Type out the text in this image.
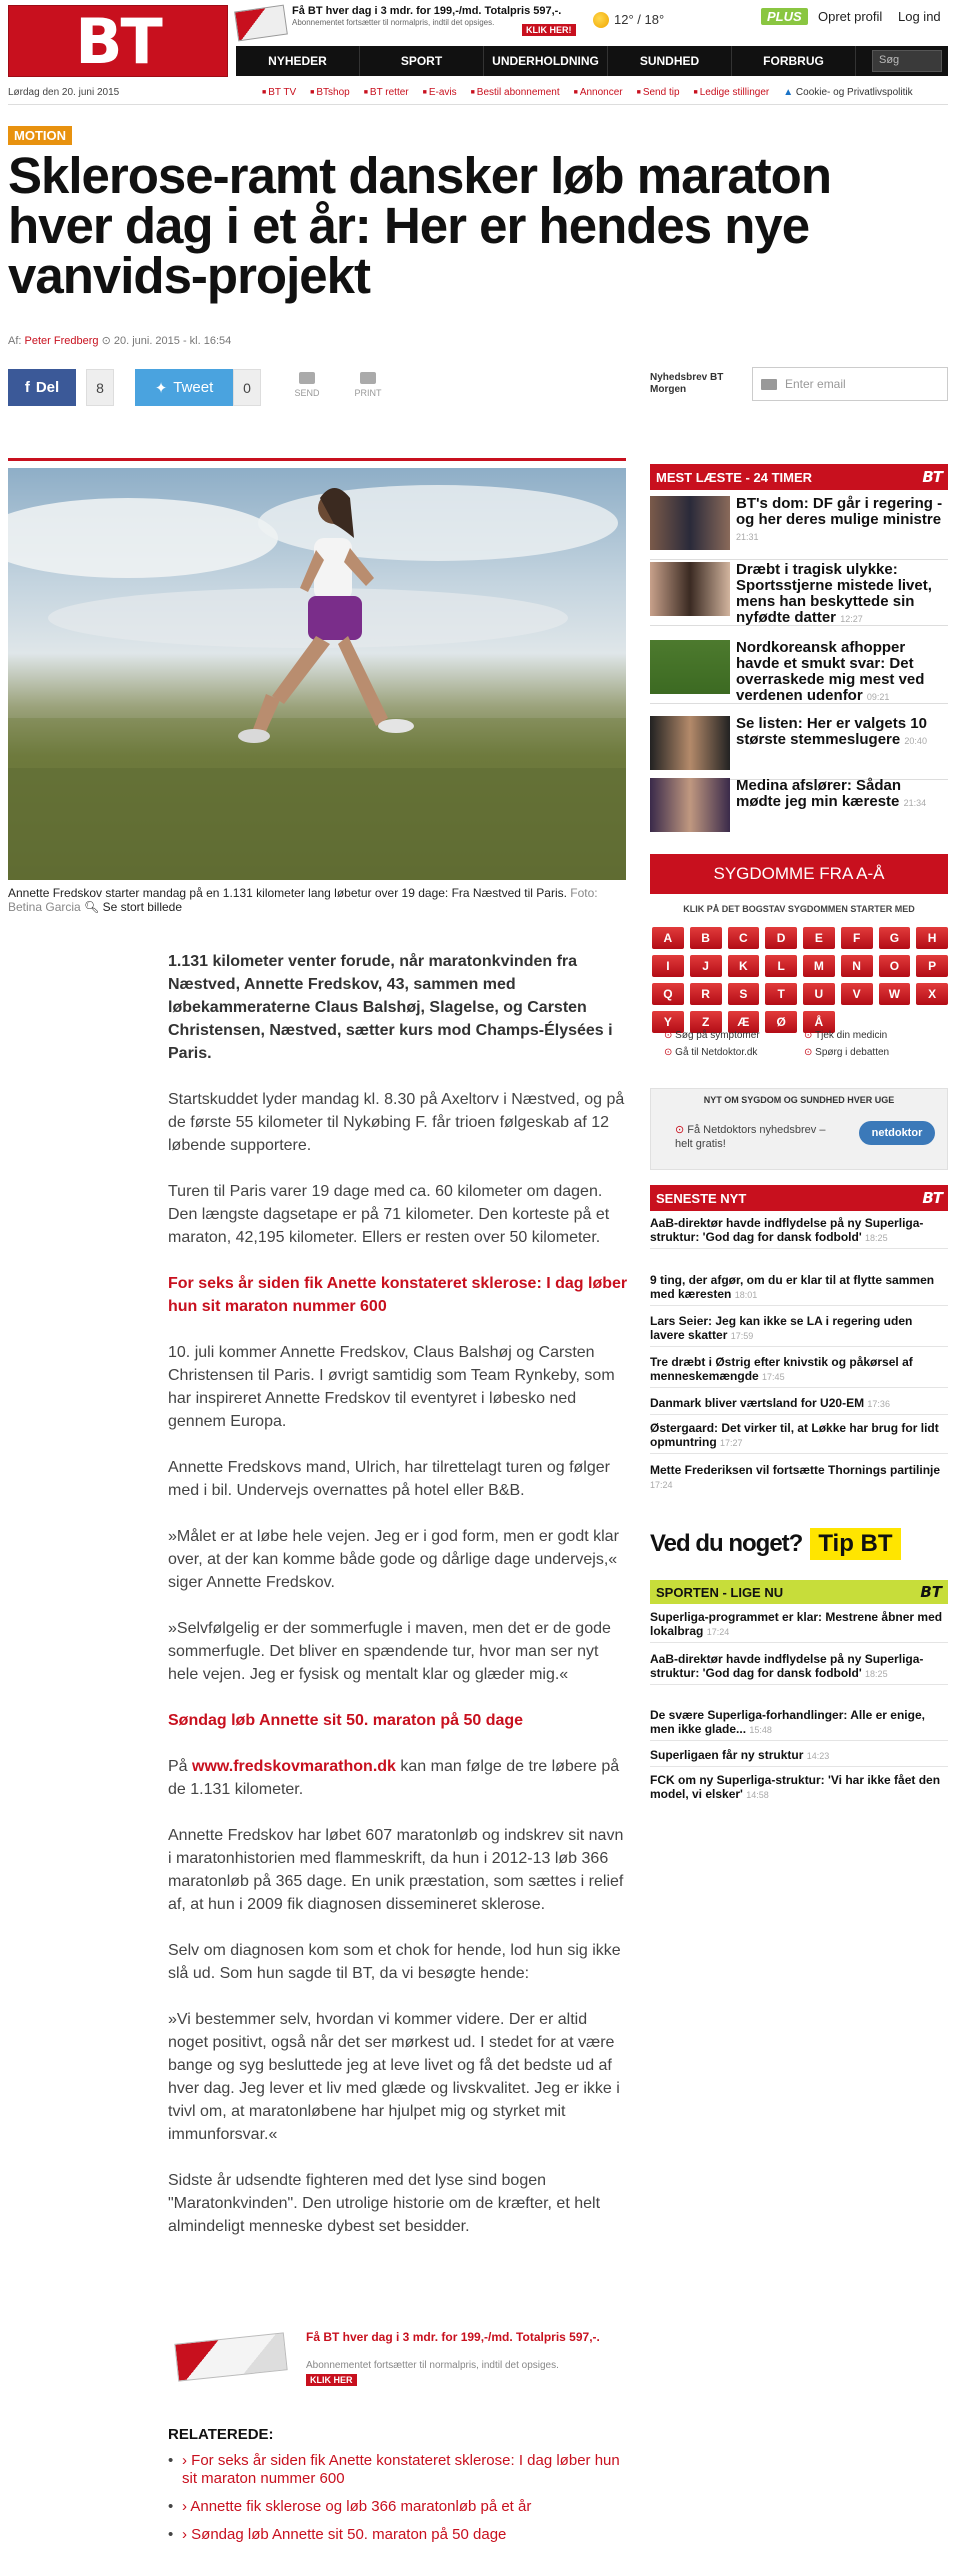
BT	Få BT hver dag i 3 mdr. for 199,-/md. Totalpris 597,-.
Abonnementet fortsætter til normalpris, indtil det opsiges.
KLIK HER!
12° / 18°	PLUS	Opret profil Log ind
NYHEDER	SPORT	UNDERHOLDNING	SUNDHED	FORBRUG	Søg
Lørdag den 20. juni 2015	■ BT TV	■ BTshop	■ BT retter	■ E-avis	■ Bestil abonnement	■ Annoncer	■ Send tip	■ Ledige stillinger ▲ Cookie- og Privatlivspolitik
MOTION
Sklerose-ramt dansker løb maraton hver dag i et år: Her er hendes nye vanvids-projekt
Af: Peter Fredberg ⊙ 20. juni. 2015 - kl. 16:54
f Del	8	✦ Tweet	0	SEND	PRINT
Nyhedsbrev BT Morgen	Enter email
Annette Fredskov starter mandag på en 1.131 kilometer lang løbetur over 19 dage: Fra Næstved til Paris. Foto: Betina Garcia 🔍︎ Se stort billede

1.131 kilometer venter forude, når maratonkvinden fra Næstved, Annette Fredskov, 43, sammen med løbekammeraterne Claus Balshøj, Slagelse, og Carsten Christensen, Næstved, sætter kurs mod Champs-Élysées i Paris.

Startskuddet lyder mandag kl. 8.30 på Axeltorv i Næstved, og på de første 55 kilometer til Nykøbing F. får trioen følgeskab af 12 løbende supportere.

Turen til Paris varer 19 dage med ca. 60 kilometer om dagen. Den længste dagsetape er på 71 kilometer. Den korteste på et maraton, 42,195 kilometer. Ellers er resten over 50 kilometer.

For seks år siden fik Anette konstateret sklerose: I dag løber hun sit maraton nummer 600

10. juli kommer Annette Fredskov, Claus Balshøj og Carsten Christensen til Paris. I øvrigt samtidig som Team Rynkeby, som har inspireret Annette Fredskov til eventyret i løbesko ned gennem Europa.

Annette Fredskovs mand, Ulrich, har tilrettelagt turen og følger med i bil. Undervejs overnattes på hotel eller B&B.

»Målet er at løbe hele vejen. Jeg er i god form, men er godt klar over, at der kan komme både gode og dårlige dage undervejs,« siger Annette Fredskov.

»Selvfølgelig er der sommerfugle i maven, men det er de gode sommerfugle. Det bliver en spændende tur, hvor man ser nyt hele vejen. Jeg er fysisk og mentalt klar og glæder mig.«

Søndag løb Annette sit 50. maraton på 50 dage

På www.fredskovmarathon.dk kan man følge de tre løbere på de 1.131 kilometer.

Annette Fredskov har løbet 607 maratonløb og indskrev sit navn i maratonhistorien med flammeskrift, da hun i 2012-13 løb 366 maratonløb på 365 dage. En unik præstation, som sættes i relief af, at hun i 2009 fik diagnosen dissemineret sklerose.

Selv om diagnosen kom som et chok for hende, lod hun sig ikke slå ud. Som hun sagde til BT, da vi besøgte hende:

»Vi bestemmer selv, hvordan vi kommer videre. Der er altid noget positivt, også når det ser mørkest ud. I stedet for at være bange og syg besluttede jeg at leve livet og få det bedste ud af hver dag. Jeg lever et liv med glæde og livskvalitet. Jeg er ikke i tvivl om, at maratonløbene har hjulpet mig og styrket mit immunforsvar.«

Sidste år udsendte fighteren med det lyse sind bogen "Maratonkvinden". Den utrolige historie om de kræfter, et helt almindeligt menneske dybest set besidder.

Få BT hver dag i 3 mdr. for 199,-/md. Totalpris 597,-.
Abonnementet fortsætter til normalpris, indtil det opsiges.
KLIK HER
RELATEREDE:
• › For seks år siden fik Anette konstateret sklerose: I dag løber hun sit maraton nummer 600
• › Annette fik sklerose og løb 366 maratonløb på et år
• › Søndag løb Annette sit 50. maraton på 50 dage
MEST LÆSTE - 24 TIMER	BT
BT's dom: DF går i regering - og her deres mulige ministre 21:31
Dræbt i tragisk ulykke: Sportsstjerne mistede livet, mens han beskyttede sin nyfødte datter 12:27
Nordkoreansk afhopper havde et smukt svar: Det overraskede mig mest ved verdenen udenfor 09:21
Se listen: Her er valgets 10 største stemmeslugere 20:40
Medina afslører: Sådan mødte jeg min kæreste 21:34
SYGDOMME FRA A-Å
KLIK PÅ DET BOGSTAV SYGDOMMEN STARTER MED
A	B	C	D	E	F	G	H
I	J	K	L	M	N	O	P
Q	R	S	T	U	V	W	X
Y	Z	Æ	Ø	Å
⊙ Søg på symptomer	⊙ Tjek din medicin
⊙ Gå til Netdoktor.dk	⊙ Spørg i debatten
NYT OM SYGDOM OG SUNDHED HVER UGE
⊙ Få Netdoktors nyhedsbrev – helt gratis!
netdoktor
SENESTE NYT	BT
AaB-direktør havde indflydelse på ny Superliga-struktur: 'God dag for dansk fodbold' 18:25
9 ting, der afgør, om du er klar til at flytte sammen med kæresten 18:01
Lars Seier: Jeg kan ikke se LA i regering uden lavere skatter 17:59
Tre dræbt i Østrig efter knivstik og påkørsel af menneskemængde 17:45
Danmark bliver værtsland for U20-EM 17:36
Østergaard: Det virker til, at Løkke har brug for lidt opmuntring 17:27
Mette Frederiksen vil fortsætte Thornings partilinje 17:24
Ved du noget? Tip BT
SPORTEN - LIGE NU	BT
Superliga-programmet er klar: Mestrene åbner med lokalbrag 17:24
AaB-direktør havde indflydelse på ny Superliga-struktur: 'God dag for dansk fodbold' 18:25
De svære Superliga-forhandlinger: Alle er enige, men ikke glade... 15:48
Superligaen får ny struktur 14:23
FCK om ny Superliga-struktur: 'Vi har ikke fået den model, vi elsker' 14:58
